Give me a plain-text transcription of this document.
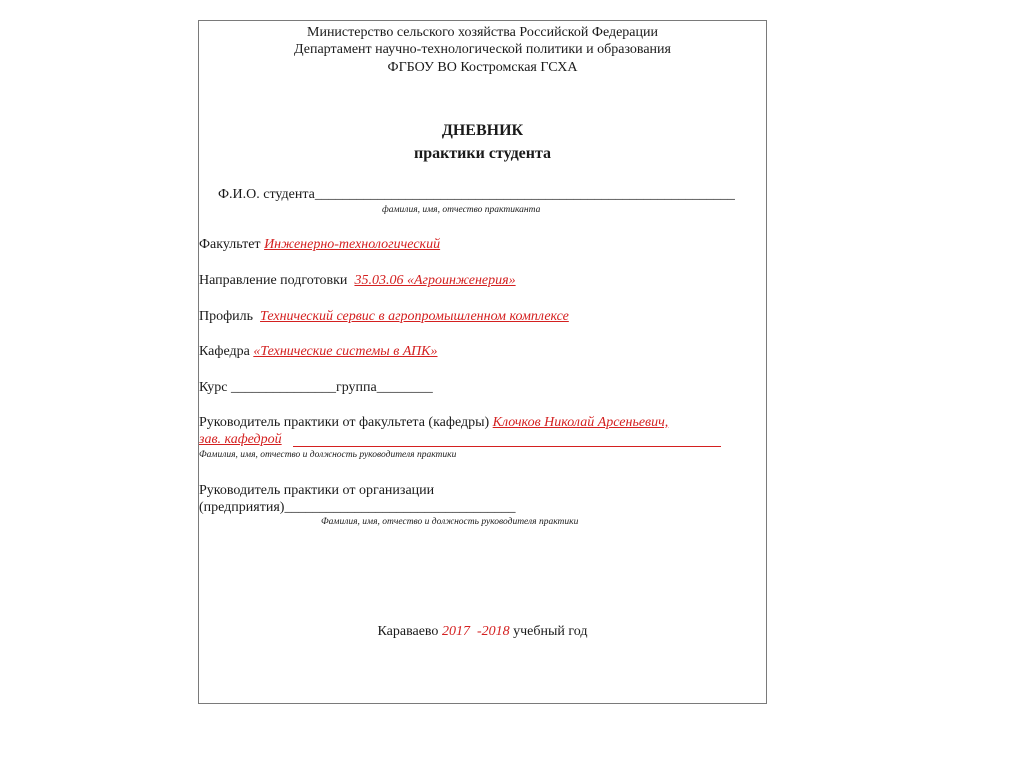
Министерство сельского хозяйства Российской Федерации
Департамент научно-технологической политики и образования
ФГБОУ ВО Костромская ГСХА
ДНЕВНИК
практики студента
Ф.И.О. студента____________________________________________________________
фамилия, имя, отчество практиканта
Факультет Инженерно-технологический
Направление подготовки 35.03.06 «Агроинженерия»
Профиль Технический сервис в агропромышленном комплексе
Кафедра «Технические системы в АПК»
Курс _______________группа________
Руководитель практики от факультета (кафедры) Клочков Николай Арсеньевич,
зав. кафедрой
Фамилия, имя, отчество и должность руководителя практики
Руководитель практики от организации
(предприятия)_________________________________
Фамилия, имя, отчество и должность руководителя практики
Караваево 2017 -2018 учебный год
